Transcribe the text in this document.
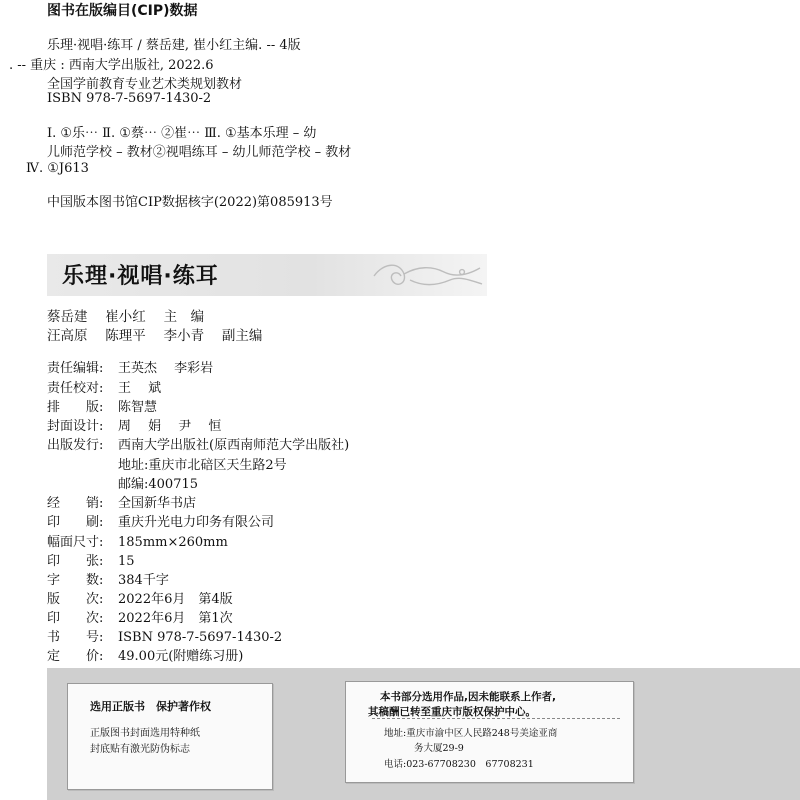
图书在版编目(CIP)数据
乐理·视唱·练耳 / 蔡岳建, 崔小红主编. -- 4版
. -- 重庆 : 西南大学出版社, 2022.6
全国学前教育专业艺术类规划教材
ISBN 978-7-5697-1430-2
Ⅰ. ①乐⋯ Ⅱ. ①蔡⋯ ②崔⋯ Ⅲ. ①基本乐理 – 幼
儿师范学校 – 教材②视唱练耳 – 幼儿师范学校 – 教材
Ⅳ. ①J613
中国版本图书馆CIP数据核字(2022)第085913号
乐理·视唱·练耳
蔡岳建　 崔小红　 主　编
汪高原　 陈理平　 李小青　 副主编
责任编辑: 王英杰　 李彩岩
责任校对: 王　 斌
排　　版: 陈智慧
封面设计: 周　 娟　 尹　 恒
出版发行: 西南大学出版社(原西南师范大学出版社)
地址:重庆市北碚区天生路2号
邮编:400715
经　　销: 全国新华书店
印　　刷: 重庆升光电力印务有限公司
幅面尺寸: 185mm×260mm
印　　张: 15
字　　数: 384千字
版　　次: 2022年6月　第4版
印　　次: 2022年6月　第1次
书　　号: ISBN 978-7-5697-1430-2
定　　价: 49.00元(附赠练习册)
选用正版书　保护著作权
正版图书封面选用特种纸
封底贴有激光防伪标志
本书部分选用作品,因未能联系上作者,
其稿酬已转至重庆市版权保护中心。
地址:重庆市渝中区人民路248号美途亚商
务大厦29-9
电话:023-67708230　67708231
